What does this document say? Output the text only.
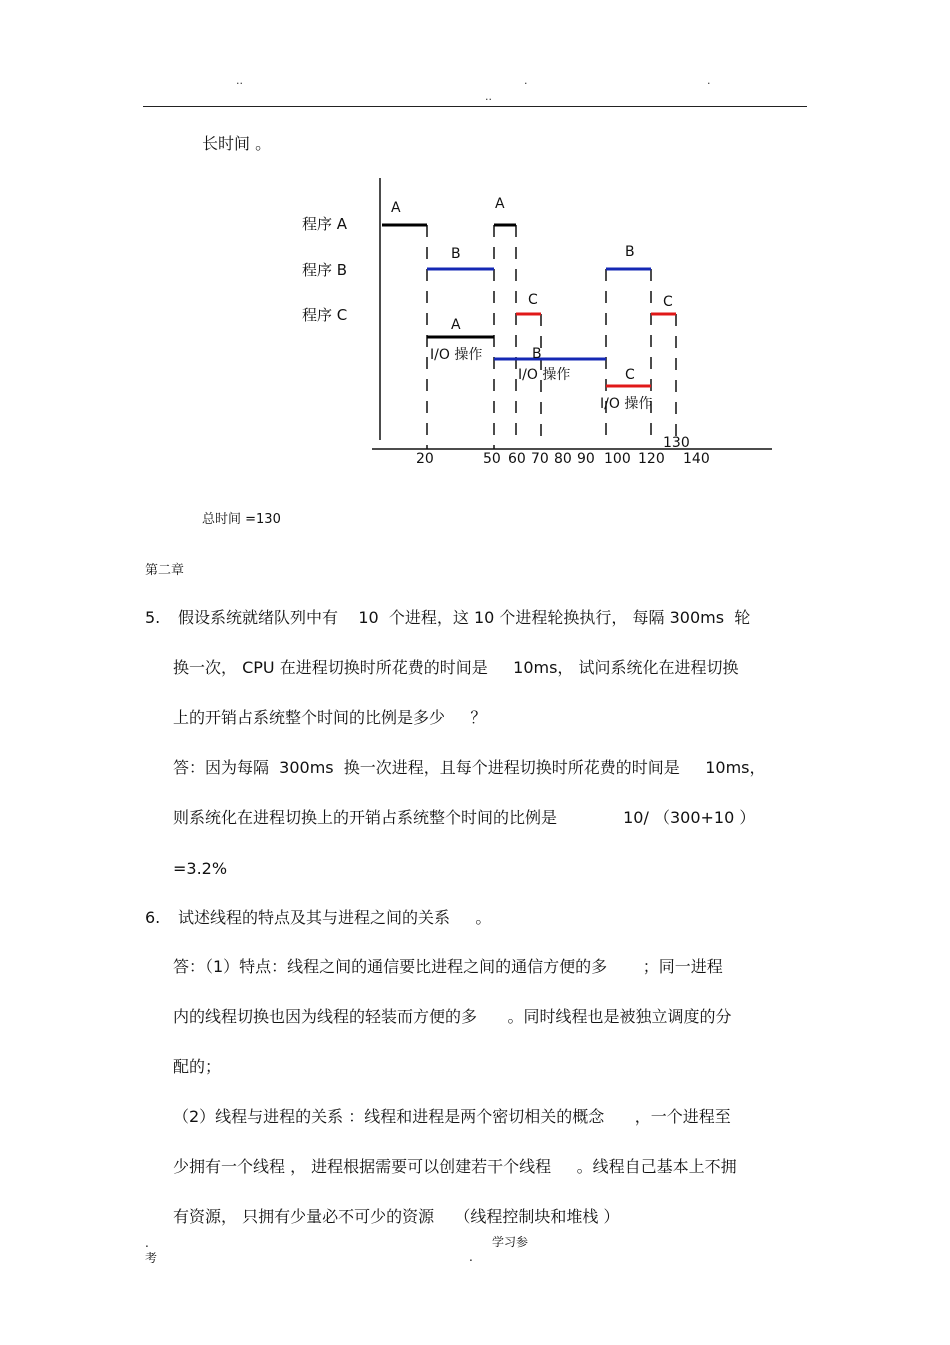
..	.	.
..
长时间 。
程序 A
程序 B
程序 C
A	A
B	B
C	C
A
B
C
I/O 操作
I/O 操作
I/O 操作
20	50 60 70 80 90 100 120 140
130
总时间 =130
第二章
5. 假设系统就绪队列中有    10  个进程，这 10 个进程轮换执行， 每隔 300ms  轮
换一次， CPU 在进程切换时所花费的时间是     10ms， 试问系统化在进程切换
上的开销占系统整个时间的比例是多少     ？
答：因为每隔  300ms  换一次进程，且每个进程切换时所花费的时间是     10ms，
则系统化在进程切换上的开销占系统整个时间的比例是             10/ （300+10 ）
=3.2%
6. 试述线程的特点及其与进程之间的关系     。
答：（1）特点：线程之间的通信要比进程之间的通信方便的多       ；同一进程
内的线程切换也因为线程的轻装而方便的多      。同时线程也是被独立调度的分
配的；
（2）线程与进程的关系 ：线程和进程是两个密切相关的概念      ，一个进程至
少拥有一个线程 ， 进程根据需要可以创建若干个线程     。线程自己基本上不拥
有资源， 只拥有少量必不可少的资源    （线程控制块和堆栈 ）
学习参
.
考	.
